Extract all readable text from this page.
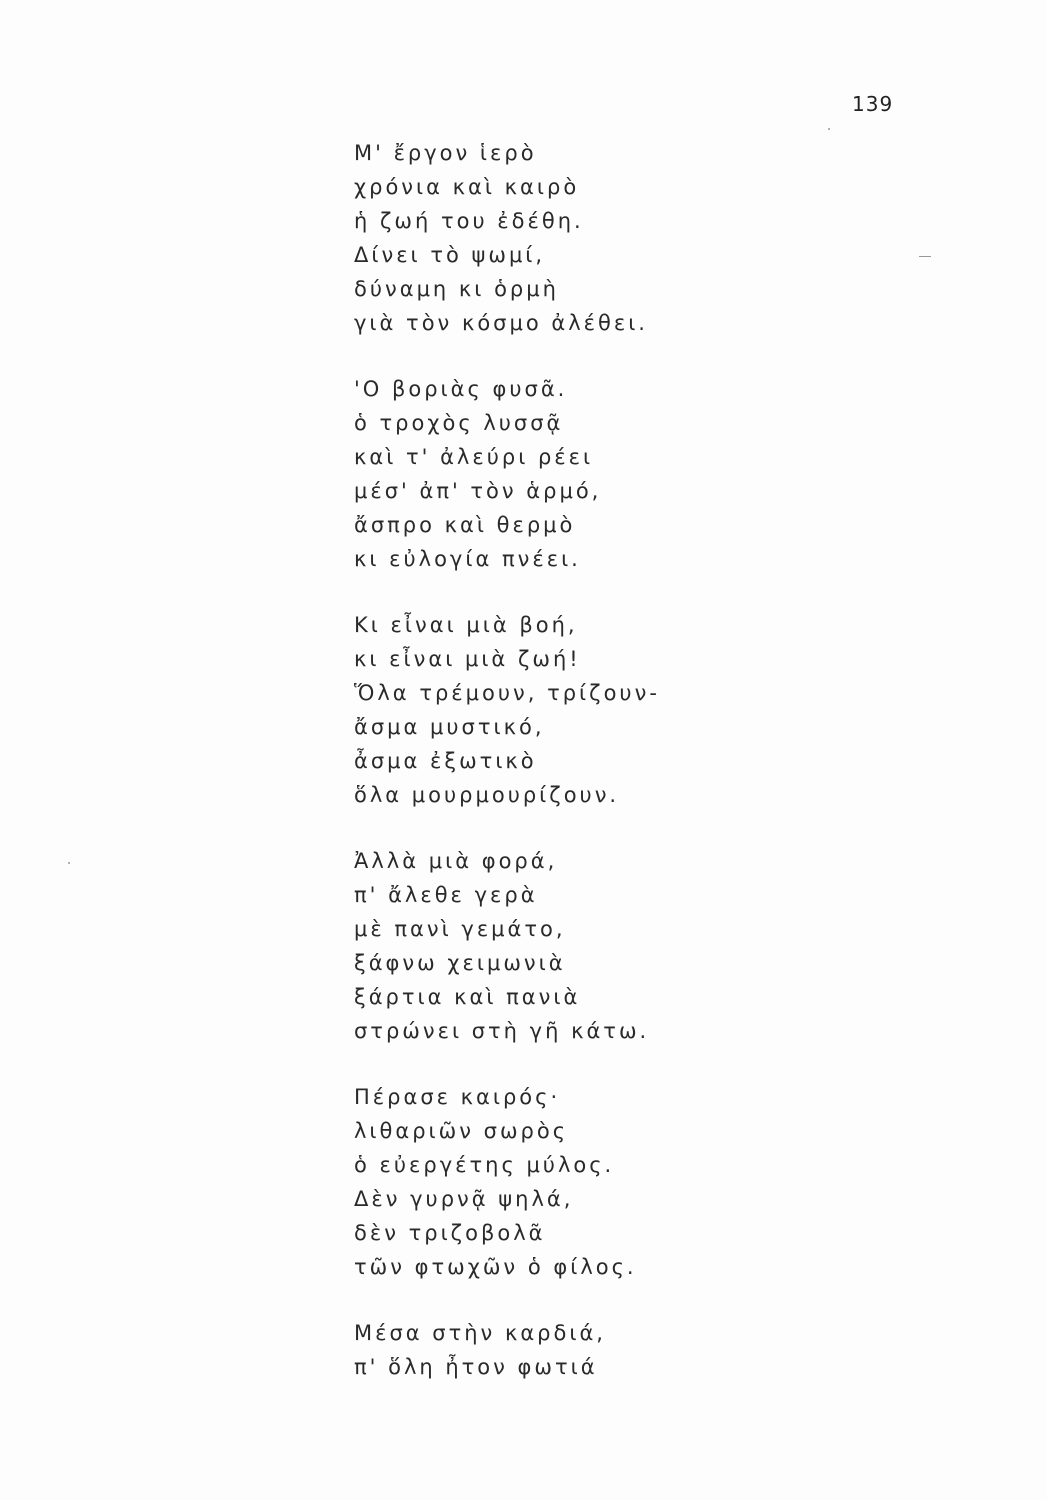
139
Μ' ἔργον ἱερὸ
χρόνια καὶ καιρὸ
ἡ ζωή του ἐδέθη.
Δίνει τὸ ψωμί,
δύναμη κι ὁρμὴ
γιὰ τὸν κόσμο ἀλέθει.
'Ο βοριὰς φυσᾶ.
ὁ τροχὸς λυσσᾷ
καὶ τ' ἀλεύρι ρέει
μέσ' ἀπ' τὸν ἁρμό,
ἄσπρο καὶ θερμὸ
κι εὐλογία πνέει.
Κι εἶναι μιὰ βοή,
κι εἶναι μιὰ ζωή!
Ὅλα τρέμουν, τρίζουν-
ἄσμα μυστικό,
ἆσμα ἐξωτικὸ
ὅλα μουρμουρίζουν.
Ἀλλὰ μιὰ φορά,
π' ἄλεθε γερὰ
μὲ πανὶ γεμάτο,
ξάφνω χειμωνιὰ
ξάρτια καὶ πανιὰ
στρώνει στὴ γῆ κάτω.
Πέρασε καιρός·
λιθαριῶν σωρὸς
ὁ εὐεργέτης μύλος.
Δὲν γυρνᾷ ψηλά,
δὲν τριζοβολᾶ
τῶν φτωχῶν ὁ φίλος.
Μέσα στὴν καρδιά,
π' ὅλη ἦτον φωτιά
